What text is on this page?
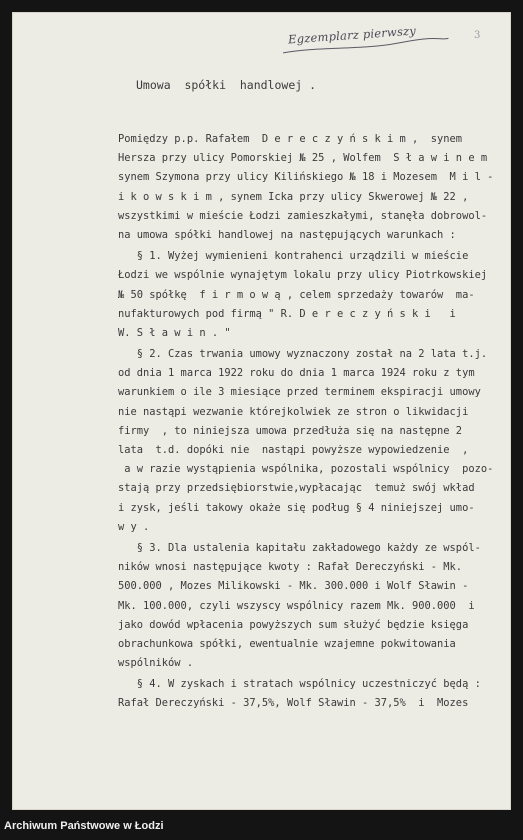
Egzemplarz pierwszy	3
Umowa  spółki  handlowej .
Pomiędzy p.p. Rafałem  D e r e c z y ń s k i m ,  synem
Hersza przy ulicy Pomorskiej № 25 , Wolfem  S ł a w i n e m
synem Szymona przy ulicy Kilińskiego № 18 i Mozesem  M i l -
i k o w s k i m , synem Icka przy ulicy Skwerowej № 22 ,
wszystkimi w mieście Łodzi zamieszkałymi, stanęła dobrowol-
na umowa spółki handlowej na następujących warunkach :
§ 1. Wyżej wymienieni kontrahenci urządzili w mieście
Łodzi we wspólnie wynajętym lokalu przy ulicy Piotrkowskiej
№ 50 spółkę  f i r m o w ą , celem sprzedaży towarów  ma-
nufakturowych pod firmą " R. D e r e c z y ń s k i   i
W. S ł a w i n . "
§ 2. Czas trwania umowy wyznaczony został na 2 lata t.j.
od dnia 1 marca 1922 roku do dnia 1 marca 1924 roku z tym
warunkiem o ile 3 miesiące przed terminem ekspiracji umowy
nie nastąpi wezwanie którejkolwiek ze stron o likwidacji
firmy  , to niniejsza umowa przedłuża się na następne 2
lata  t.d. dopóki nie  nastąpi powyższe wypowiedzenie  ,
a w razie wystąpienia wspólnika, pozostali wspólnicy  pozo-
stają przy przedsiębiorstwie,wypłacając  temuż swój wkład
i zysk, jeśli takowy okaże się podług § 4 niniejszej umo-
w y .
§ 3. Dla ustalenia kapitału zakładowego każdy ze wspól-
ników wnosi następujące kwoty : Rafał Dereczyński - Mk.
500.000 , Mozes Milikowski - Mk. 300.000 i Wolf Sławin -
Mk. 100.000, czyli wszyscy wspólnicy razem Mk. 900.000  i
jako dowód wpłacenia powyższych sum służyć będzie księga
obrachunkowa spółki, ewentualnie wzajemne pokwitowania
wspólników .
§ 4. W zyskach i stratach wspólnicy uczestniczyć będą :
Rafał Dereczyński - 37,5%, Wolf Sławin - 37,5%  i  Mozes
Archiwum Państwowe w Łodzi
